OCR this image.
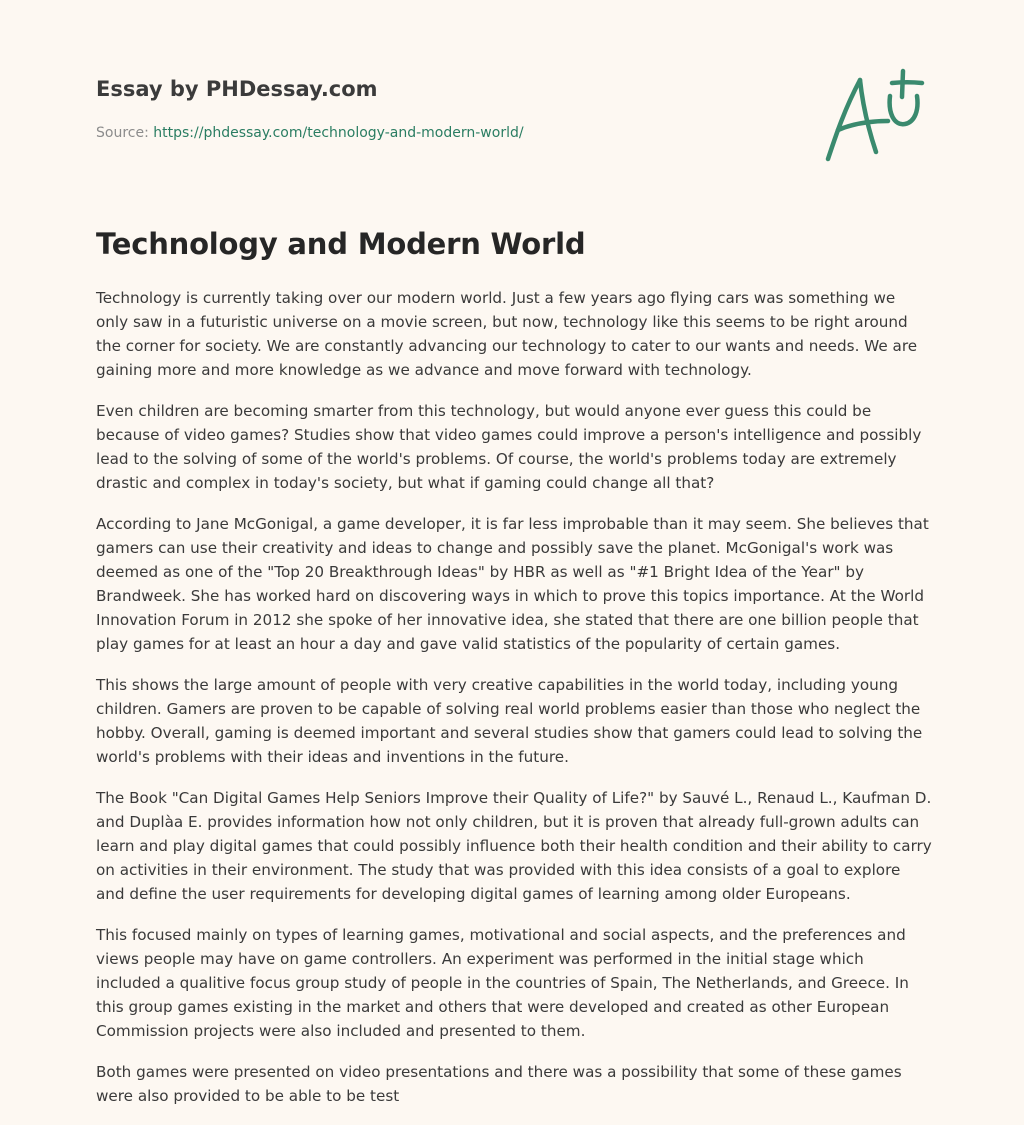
Essay by PHDessay.com
Source: https://phdessay.com/technology-and-modern-world/
Technology and Modern World

Technology is currently taking over our modern world. Just a few years ago flying cars was something we only saw in a futuristic universe on a movie screen, but now, technology like this seems to be right around the corner for society. We are constantly advancing our technology to cater to our wants and needs. We are gaining more and more knowledge as we advance and move forward with technology.

Even children are becoming smarter from this technology, but would anyone ever guess this could be because of video games? Studies show that video games could improve a person's intelligence and possibly lead to the solving of some of the world's problems. Of course, the world's problems today are extremely drastic and complex in today's society, but what if gaming could change all that?

According to Jane McGonigal, a game developer, it is far less improbable than it may seem. She believes that gamers can use their creativity and ideas to change and possibly save the planet. McGonigal's work was deemed as one of the "Top 20 Breakthrough Ideas" by HBR as well as "#1 Bright Idea of the Year" by Brandweek. She has worked hard on discovering ways in which to prove this topics importance. At the World Innovation Forum in 2012 she spoke of her innovative idea, she stated that there are one billion people that play games for at least an hour a day and gave valid statistics of the popularity of certain games.

This shows the large amount of people with very creative capabilities in the world today, including young children. Gamers are proven to be capable of solving real world problems easier than those who neglect the hobby. Overall, gaming is deemed important and several studies show that gamers could lead to solving the world's problems with their ideas and inventions in the future.

The Book "Can Digital Games Help Seniors Improve their Quality of Life?" by Sauvé L., Renaud L., Kaufman D. and Duplàa E. provides information how not only children, but it is proven that already full-grown adults can learn and play digital games that could possibly influence both their health condition and their ability to carry on activities in their environment. The study that was provided with this idea consists of a goal to explore and define the user requirements for developing digital games of learning among older Europeans.

This focused mainly on types of learning games, motivational and social aspects, and the preferences and views people may have on game controllers. An experiment was performed in the initial stage which included a qualitive focus group study of people in the countries of Spain, The Netherlands, and Greece. In this group games existing in the market and others that were developed and created as other European Commission projects were also included and presented to them.

Both games were presented on video presentations and there was a possibility that some of these games were also provided to be able to be test
